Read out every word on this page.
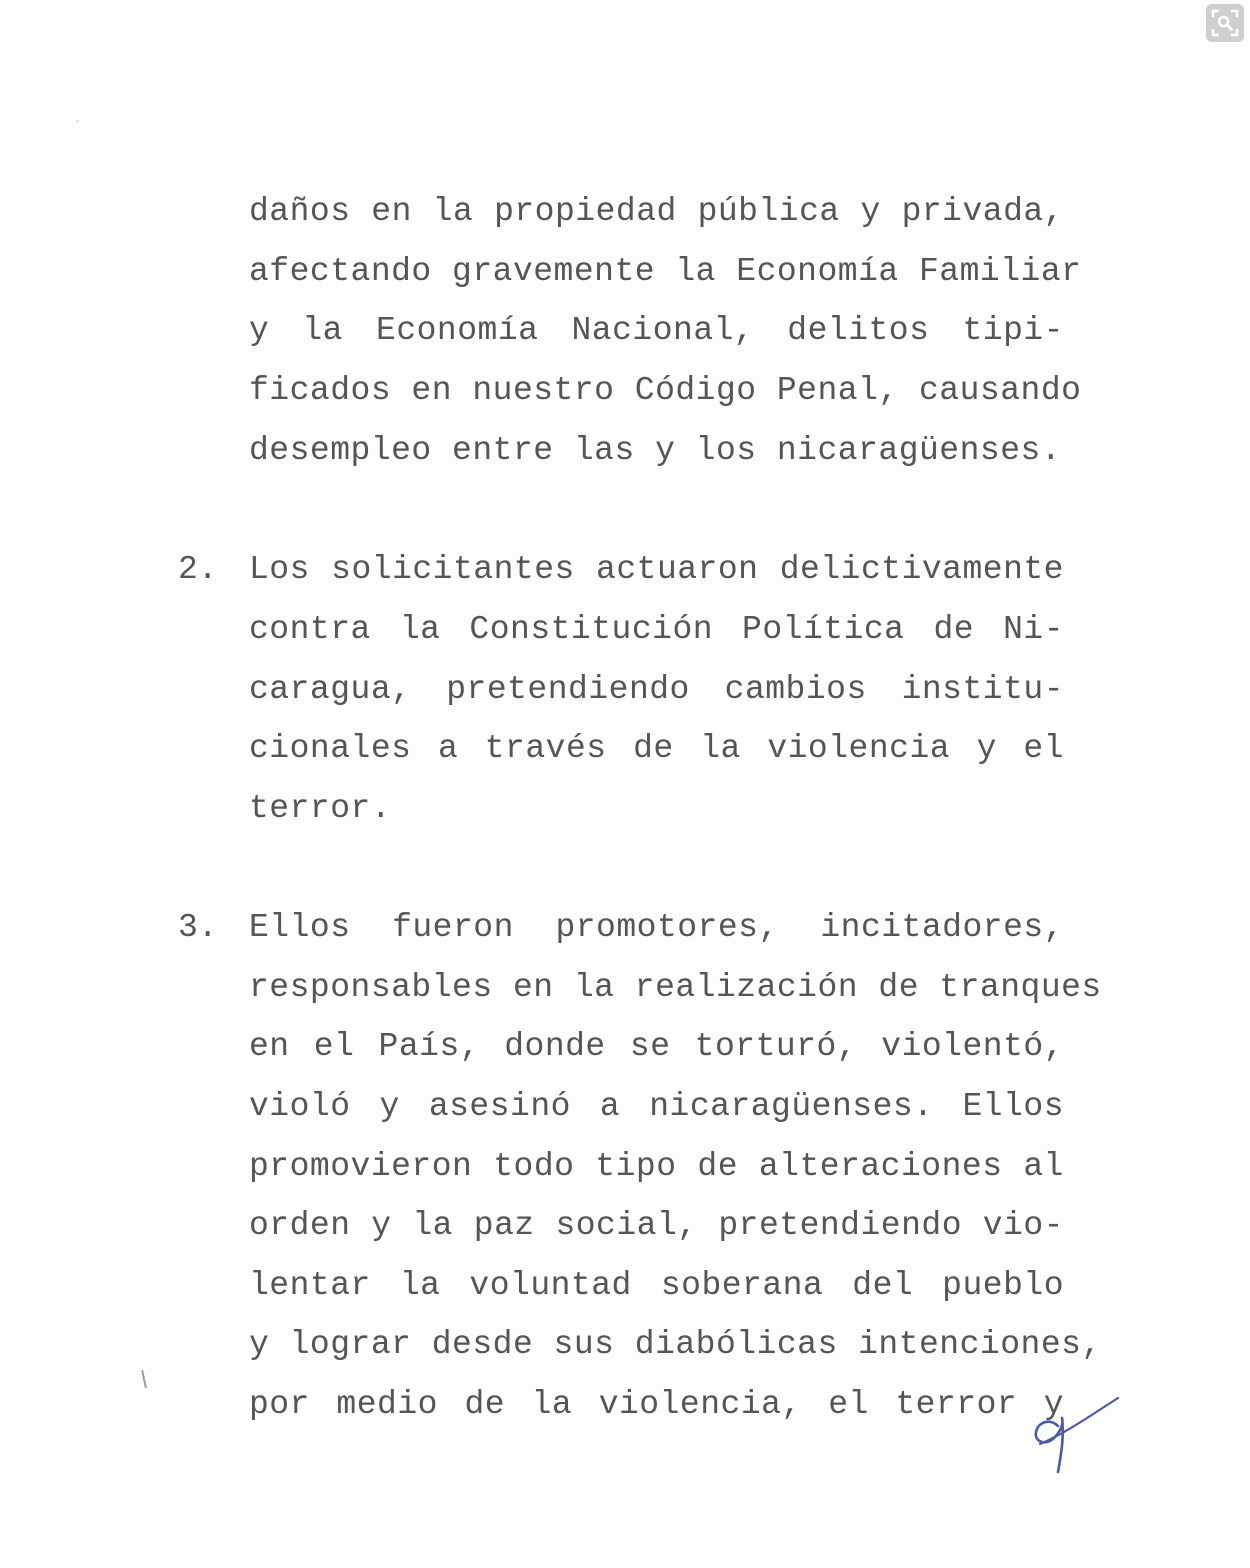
daños en la propiedad pública y privada,
afectando gravemente la Economía Familiar
y la Economía Nacional, delitos tipi-
ficados en nuestro Código Penal, causando
desempleo entre las y los nicaragüenses.
2. Los solicitantes actuaron delictivamente
contra la Constitución Política de Ni-
caragua, pretendiendo cambios institu-
cionales a través de la violencia y el
terror.
3. Ellos fueron promotores, incitadores,
responsables en la realización de tranques
en el País, donde se torturó, violentó,
violó y asesinó a nicaragüenses. Ellos
promovieron todo tipo de alteraciones al
orden y la paz social, pretendiendo vio-
lentar la voluntad soberana del pueblo
y lograr desde sus diabólicas intenciones,
por medio de la violencia, el terror y
